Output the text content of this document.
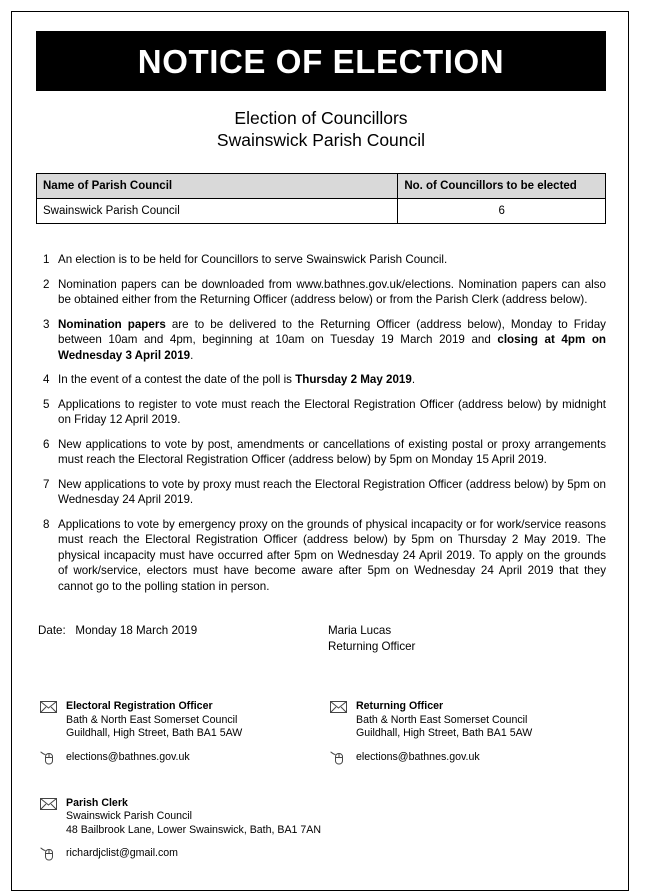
NOTICE OF ELECTION
Election of Councillors
Swainswick Parish Council
Name of Parish Council	No. of Councillors to be elected
Swainswick Parish Council	6
1 An election is to be held for Councillors to serve Swainswick Parish Council.
2 Nomination papers can be downloaded from www.bathnes.gov.uk/elections. Nomination papers can also be obtained either from the Returning Officer (address below) or from the Parish Clerk (address below).
3 Nomination papers are to be delivered to the Returning Officer (address below), Monday to Friday between 10am and 4pm, beginning at 10am on Tuesday 19 March 2019 and closing at 4pm on Wednesday 3 April 2019.
4 In the event of a contest the date of the poll is Thursday 2 May 2019.
5 Applications to register to vote must reach the Electoral Registration Officer (address below) by midnight on Friday 12 April 2019.
6 New applications to vote by post, amendments or cancellations of existing postal or proxy arrangements must reach the Electoral Registration Officer (address below) by 5pm on Monday 15 April 2019.
7 New applications to vote by proxy must reach the Electoral Registration Officer (address below) by 5pm on Wednesday 24 April 2019.
8 Applications to vote by emergency proxy on the grounds of physical incapacity or for work/service reasons must reach the Electoral Registration Officer (address below) by 5pm on Thursday 2 May 2019. The physical incapacity must have occurred after 5pm on Wednesday 24 April 2019. To apply on the grounds of work/service, electors must have become aware after 5pm on Wednesday 24 April 2019 that they cannot go to the polling station in person.
Date: Monday 18 March 2019	Maria Lucas
Returning Officer
Electoral Registration Officer
Bath & North East Somerset Council
Guildhall, High Street, Bath BA1 5AW
elections@bathnes.gov.uk
Parish Clerk
Swainswick Parish Council
48 Bailbrook Lane, Lower Swainswick, Bath, BA1 7AN
richardjclist@gmail.com
Returning Officer
Bath & North East Somerset Council
Guildhall, High Street, Bath BA1 5AW
elections@bathnes.gov.uk
